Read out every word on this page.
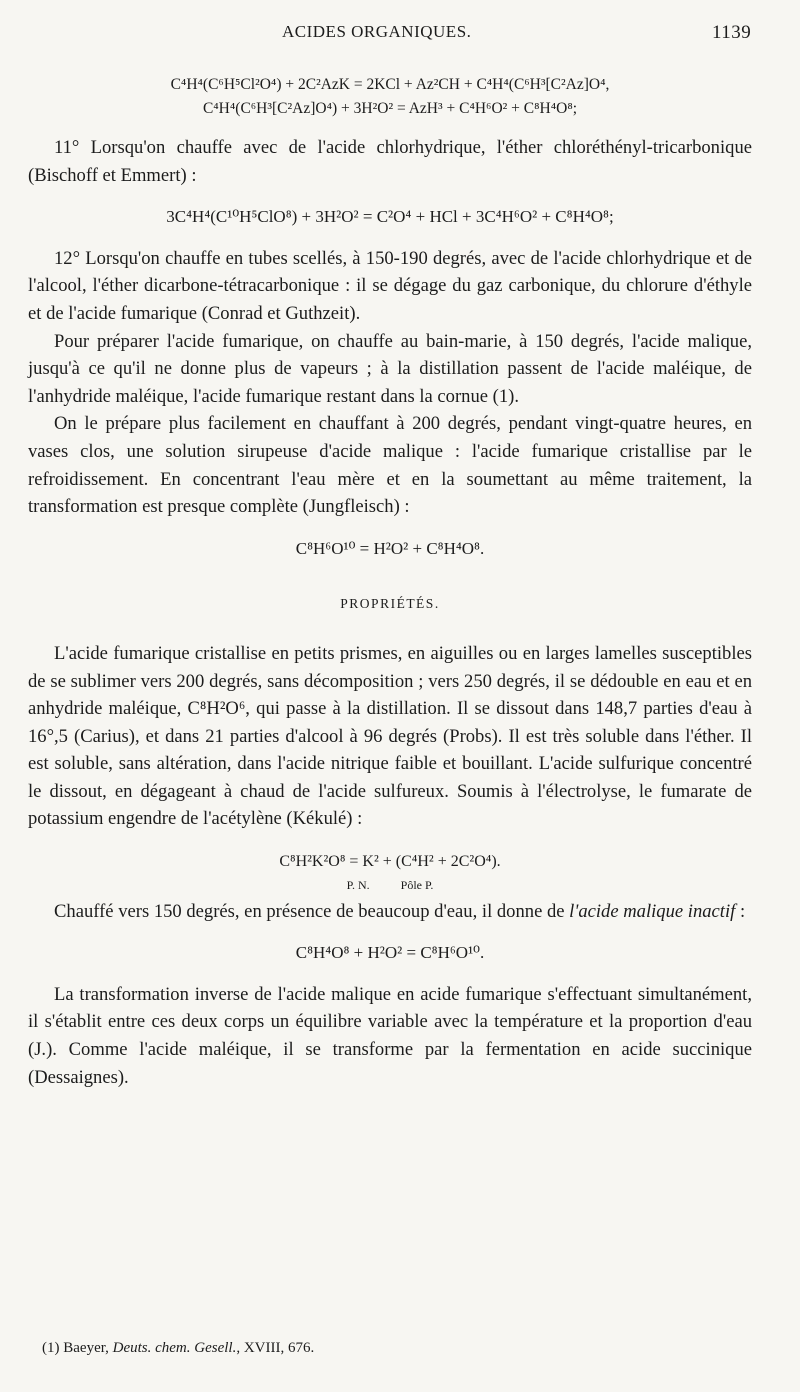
ACIDES ORGANIQUES.	1139
C⁴H⁴(C⁶H⁵Cl²O⁴) + 2C²AzK = 2KCl + Az²CH + C⁴H⁴(C⁶H³[C²Az]O⁴,
C⁴H⁴(C⁶H³[C²Az]O⁴) + 3H²O² = AzH³ + C⁴H⁶O² + C⁸H⁴O⁸;

11° Lorsqu'on chauffe avec de l'acide chlorhydrique, l'éther chloréthényl-tricarbonique (Bischoff et Emmert) :

3C⁴H⁴(C¹⁰H⁵ClO⁸) + 3H²O² = C²O⁴ + HCl + 3C⁴H⁶O² + C⁸H⁴O⁸;

12° Lorsqu'on chauffe en tubes scellés, à 150-190 degrés, avec de l'acide chlorhydrique et de l'alcool, l'éther dicarbone-tétracarbonique : il se dégage du gaz carbonique, du chlorure d'éthyle et de l'acide fumarique (Conrad et Guthzeit).

Pour préparer l'acide fumarique, on chauffe au bain-marie, à 150 degrés, l'acide malique, jusqu'à ce qu'il ne donne plus de vapeurs ; à la distillation passent de l'acide maléique, de l'anhydride maléique, l'acide fumarique restant dans la cornue (1).

On le prépare plus facilement en chauffant à 200 degrés, pendant vingt-quatre heures, en vases clos, une solution sirupeuse d'acide malique : l'acide fumarique cristallise par le refroidissement. En concentrant l'eau mère et en la soumettant au même traitement, la transformation est presque complète (Jungfleisch) :

C⁸H⁶O¹⁰ = H²O² + C⁸H⁴O⁸.
PROPRIÉTÉS.

L'acide fumarique cristallise en petits prismes, en aiguilles ou en larges lamelles susceptibles de se sublimer vers 200 degrés, sans décomposition ; vers 250 degrés, il se dédouble en eau et en anhydride maléique, C⁸H²O⁶, qui passe à la distillation. Il se dissout dans 148,7 parties d'eau à 16°,5 (Carius), et dans 21 parties d'alcool à 96 degrés (Probs). Il est très soluble dans l'éther. Il est soluble, sans altération, dans l'acide nitrique faible et bouillant. L'acide sulfurique concentré le dissout, en dégageant à chaud de l'acide sulfureux. Soumis à l'électrolyse, le fumarate de potassium engendre de l'acétylène (Kékulé) :

C⁸H²K²O⁸ = K² + (C⁴H² + 2C²O⁴).
P. N.	Pôle P.

Chauffé vers 150 degrés, en présence de beaucoup d'eau, il donne de l'acide malique inactif :

C⁸H⁴O⁸ + H²O² = C⁸H⁶O¹⁰.

La transformation inverse de l'acide malique en acide fumarique s'effectuant simultanément, il s'établit entre ces deux corps un équilibre variable avec la température et la proportion d'eau (J.). Comme l'acide maléique, il se transforme par la fermentation en acide succinique (Dessaignes).

(1) Baeyer, Deuts. chem. Gesell., XVIII, 676.
